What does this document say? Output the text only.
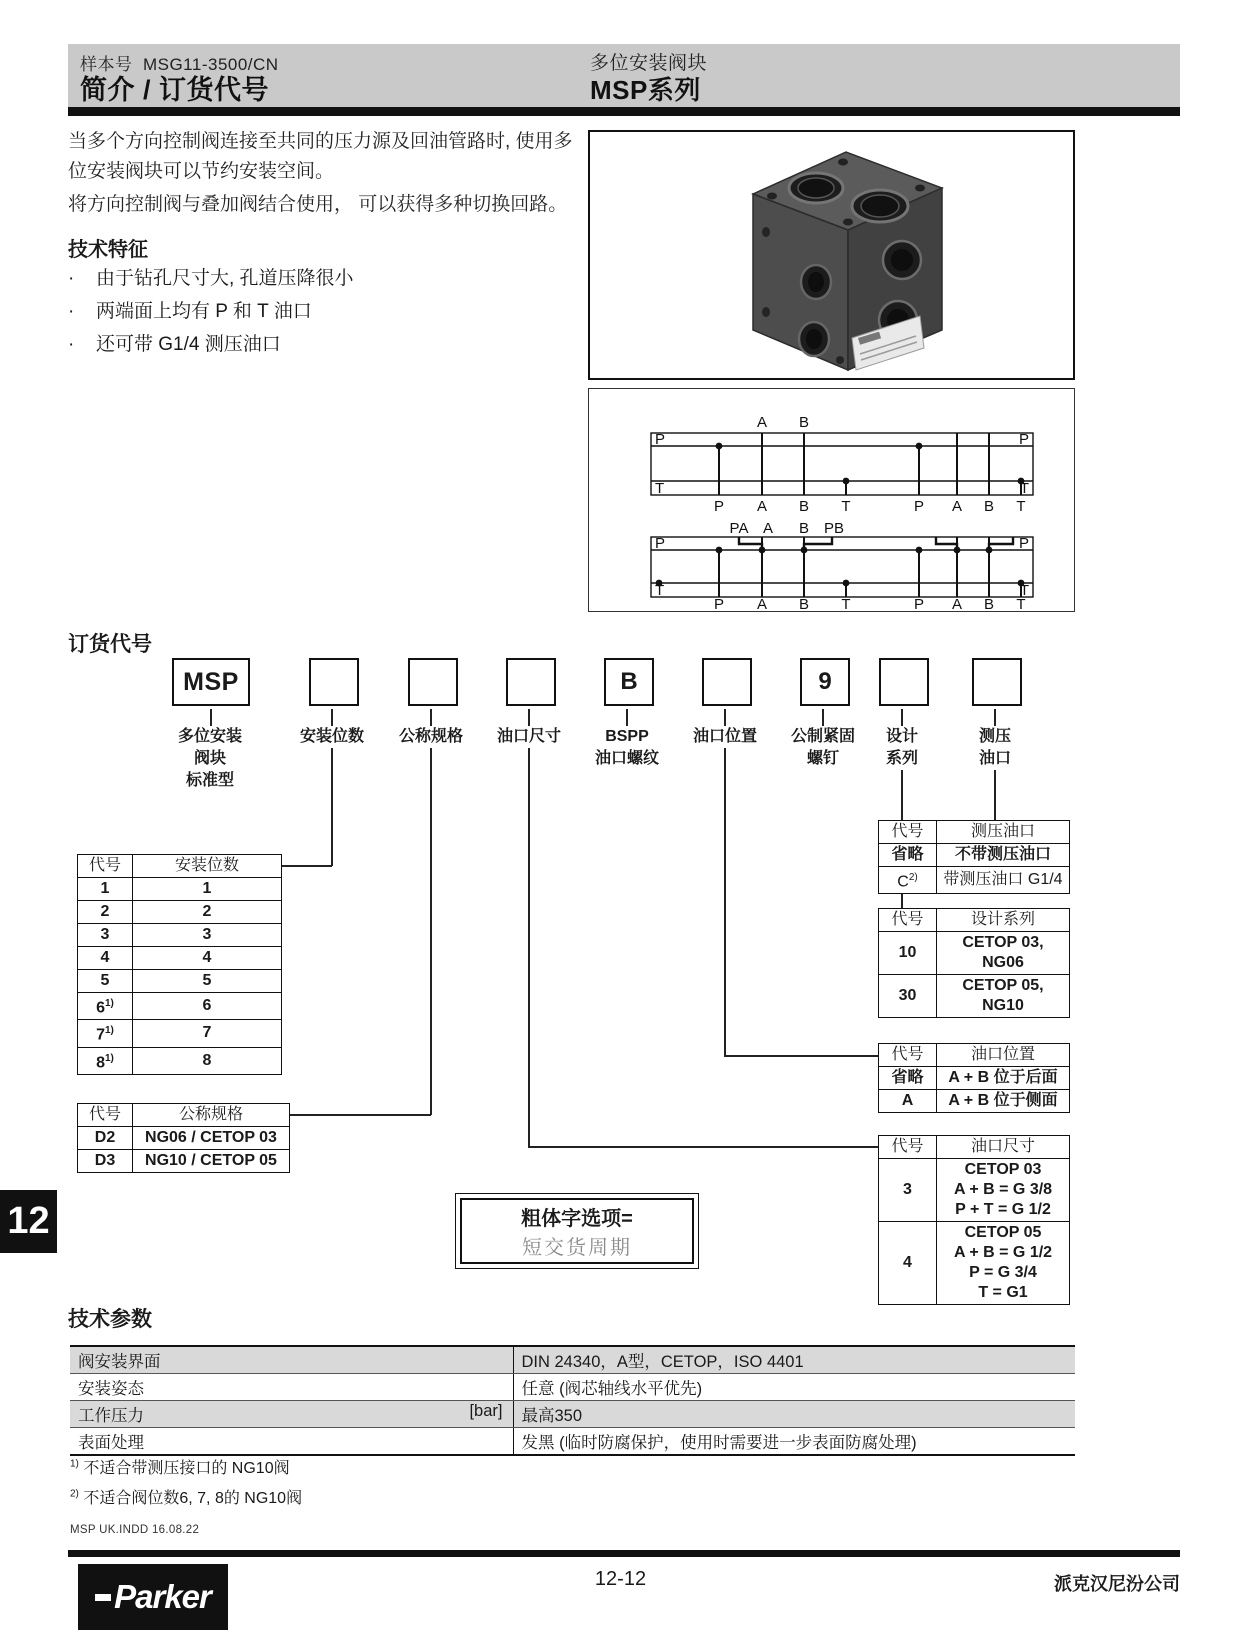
样本号 MSG11-3500/CN
简介 / 订货代号
多位安装阀块
MSP系列
当多个方向控制阀连接至共同的压力源及回油管路时, 使用多位安装阀块可以节约安装空间。
将方向控制阀与叠加阀结合使用， 可以获得多种切换回路。
技术特征
· 由于钻孔尺寸大, 孔道压降很小
· 两端面上均有 P 和 T 油口
· 还可带 G1/4 测压油口
A B
P
T
P
T
P A B T	P A B T
PA A B PB
P
T
P
T
P A B T	P A B T
订货代号
MSP	B	9
多位安装
阀块
标准型
安装位数	公称规格	油口尺寸	BSPP
油口螺纹
油口位置	公制紧固
螺钉
设计
系列
测压
油口
代号	安装位数
1	1
2	2
3	3
4	4
5	5
6$^{1)}$	6
7$^{1)}$	7
8$^{1)}$	8
代号	公称规格
D2	NG06 / CETOP 03
D3	NG10 / CETOP 05
代号	测压油口
省略	不带测压油口
$C^{2)}$	带测压油口 G1/4
代号	设计系列
10	CETOP 03, NG06
30	CETOP 05, NG10
代号	油口位置
省略	A + B 位于后面
A	A + B 位于侧面
代号	油口尺寸
3	CETOP 03
A + B = G 3/8
P + T = G 1/2

4	CETOP 05
A + B = G 1/2
P = G 3/4
T = G1
粗体字选项=
短交货周期
12
技术参数
阀安装界面	DIN 24340，A型，CETOP，ISO 4401

安装姿态	任意 (阀芯轴线水平优先)

工作压力 [bar]	最高350

表面处理	发黑 (临时防腐保护，使用时需要进一步表面防腐处理)
$^{1)}$ 不适合带测压接口的 NG10阀
$^{2)}$ 不适合阀位数6, 7, 8的 NG10阀
MSP UK.INDD 16.08.22
Parker	12-12	派克汉尼汾公司
